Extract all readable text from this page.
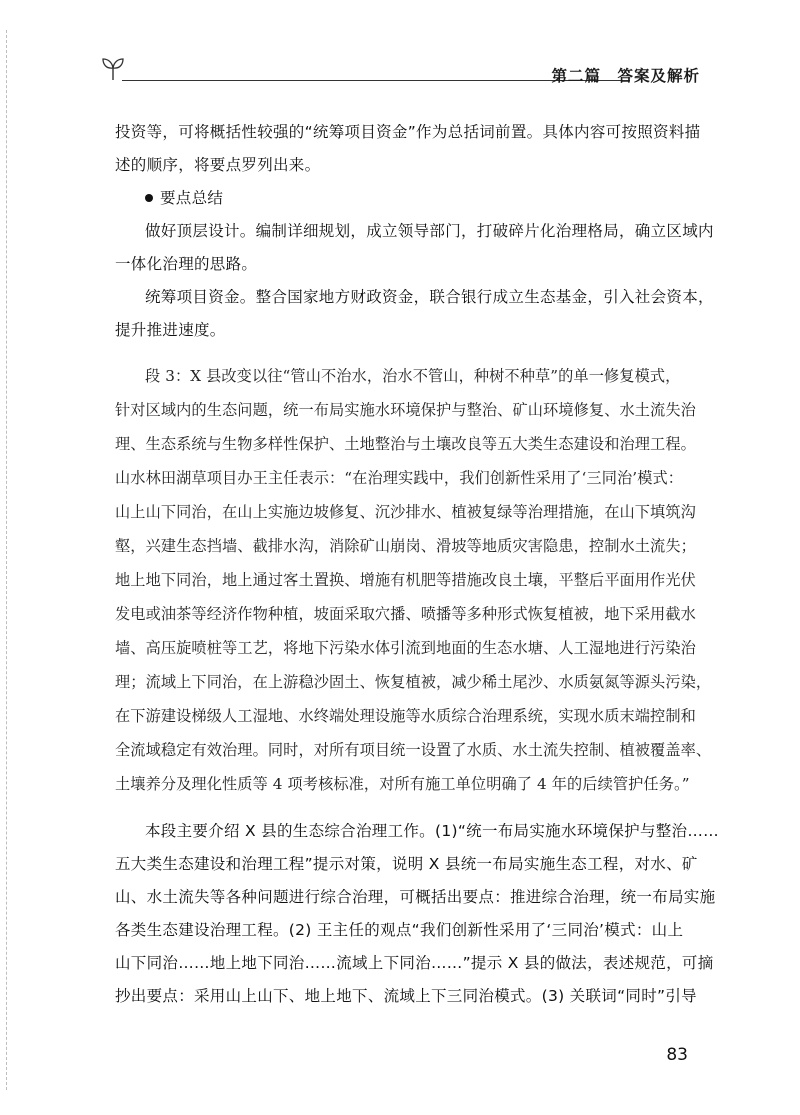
第二篇　答案及解析
投资等，可将概括性较强的“统筹项目资金”作为总括词前置。具体内容可按照资料描
述的顺序，将要点罗列出来。
要点总结
做好顶层设计。编制详细规划，成立领导部门，打破碎片化治理格局，确立区域内
一体化治理的思路。
统筹项目资金。整合国家地方财政资金，联合银行成立生态基金，引入社会资本，
提升推进速度。
段 3：X 县改变以往“管山不治水，治水不管山，种树不种草”的单一修复模式，
针对区域内的生态问题，统一布局实施水环境保护与整治、矿山环境修复、水土流失治
理、生态系统与生物多样性保护、土地整治与土壤改良等五大类生态建设和治理工程。
山水林田湖草项目办王主任表示：“在治理实践中，我们创新性采用了‘三同治’模式：
山上山下同治，在山上实施边坡修复、沉沙排水、植被复绿等治理措施，在山下填筑沟
壑，兴建生态挡墙、截排水沟，消除矿山崩岗、滑坡等地质灾害隐患，控制水土流失；
地上地下同治，地上通过客土置换、增施有机肥等措施改良土壤，平整后平面用作光伏
发电或油茶等经济作物种植，坡面采取穴播、喷播等多种形式恢复植被，地下采用截水
墙、高压旋喷桩等工艺，将地下污染水体引流到地面的生态水塘、人工湿地进行污染治
理；流域上下同治，在上游稳沙固土、恢复植被，减少稀土尾沙、水质氨氮等源头污染，
在下游建设梯级人工湿地、水终端处理设施等水质综合治理系统，实现水质末端控制和
全流域稳定有效治理。同时，对所有项目统一设置了水质、水土流失控制、植被覆盖率、
土壤养分及理化性质等 4 项考核标准，对所有施工单位明确了 4 年的后续管护任务。”
本段主要介绍 X 县的生态综合治理工作。(1)“统一布局实施水环境保护与整治……
五大类生态建设和治理工程”提示对策，说明 X 县统一布局实施生态工程，对水、矿
山、水土流失等各种问题进行综合治理，可概括出要点：推进综合治理，统一布局实施
各类生态建设治理工程。(2) 王主任的观点“我们创新性采用了‘三同治’模式：山上
山下同治……地上地下同治……流域上下同治……”提示 X 县的做法，表述规范，可摘
抄出要点：采用山上山下、地上地下、流域上下三同治模式。(3) 关联词“同时”引导
83
